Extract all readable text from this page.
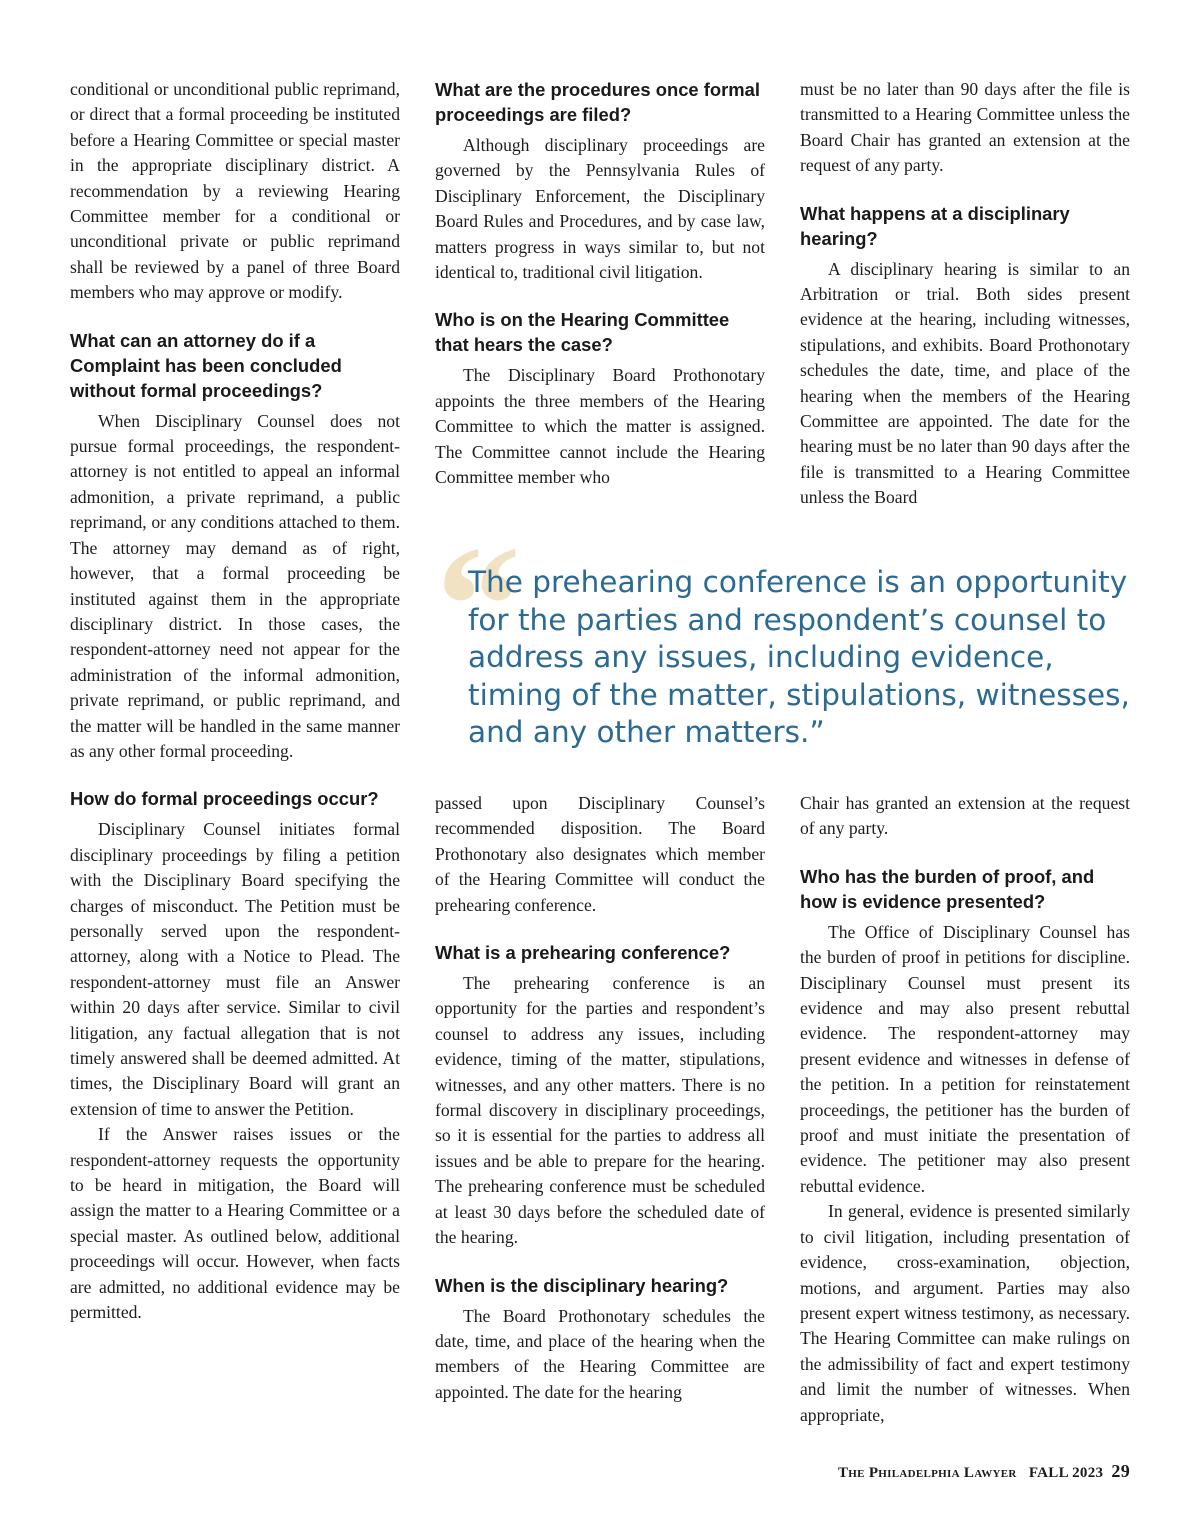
conditional or unconditional public reprimand, or direct that a formal proceeding be instituted before a Hearing Committee or special master in the appropriate disciplinary district. A recommendation by a reviewing Hearing Committee member for a conditional or unconditional private or public reprimand shall be reviewed by a panel of three Board members who may approve or modify.

What can an attorney do if a Complaint has been concluded without formal proceedings?

When Disciplinary Counsel does not pursue formal proceedings, the respondent-attorney is not entitled to appeal an informal admonition, a private reprimand, a public reprimand, or any conditions attached to them. The attorney may demand as of right, however, that a formal proceeding be instituted against them in the appropriate disciplinary district. In those cases, the respondent-attorney need not appear for the administration of the informal admonition, private reprimand, or public reprimand, and the matter will be handled in the same manner as any other formal proceeding.

How do formal proceedings occur?

Disciplinary Counsel initiates formal disciplinary proceedings by filing a petition with the Disciplinary Board specifying the charges of misconduct. The Petition must be personally served upon the respondent-attorney, along with a Notice to Plead. The respondent-attorney must file an Answer within 20 days after service. Similar to civil litigation, any factual allegation that is not timely answered shall be deemed admitted. At times, the Disciplinary Board will grant an extension of time to answer the Petition.

If the Answer raises issues or the respondent-attorney requests the opportunity to be heard in mitigation, the Board will assign the matter to a Hearing Committee or a special master. As outlined below, additional proceedings will occur. However, when facts are admitted, no additional evidence may be permitted.

What are the procedures once formal proceedings are filed?

Although disciplinary proceedings are governed by the Pennsylvania Rules of Disciplinary Enforcement, the Disciplinary Board Rules and Procedures, and by case law, matters progress in ways similar to, but not identical to, traditional civil litigation.

Who is on the Hearing Committee that hears the case?

The Disciplinary Board Prothonotary appoints the three members of the Hearing Committee to which the matter is assigned. The Committee cannot include the Hearing Committee member who

must be no later than 90 days after the file is transmitted to a Hearing Committee unless the Board Chair has granted an extension at the request of any party.

What happens at a disciplinary hearing?

A disciplinary hearing is similar to an Arbitration or trial. Both sides present evidence at the hearing, including witnesses, stipulations, and exhibits. Board Prothonotary schedules the date, time, and place of the hearing when the members of the Hearing Committee are appointed. The date for the hearing must be no later than 90 days after the file is transmitted to a Hearing Committee unless the Board

“
The prehearing conference is an opportunity for the parties and respondent’s counsel to address any issues, including evidence, timing of the matter, stipulations, witnesses, and any other matters.”

passed upon Disciplinary Counsel’s recommended disposition. The Board Prothonotary also designates which member of the Hearing Committee will conduct the prehearing conference.

What is a prehearing conference?

The prehearing conference is an opportunity for the parties and respondent’s counsel to address any issues, including evidence, timing of the matter, stipulations, witnesses, and any other matters. There is no formal discovery in disciplinary proceedings, so it is essential for the parties to address all issues and be able to prepare for the hearing. The prehearing conference must be scheduled at least 30 days before the scheduled date of the hearing.

When is the disciplinary hearing?

The Board Prothonotary schedules the date, time, and place of the hearing when the members of the Hearing Committee are appointed. The date for the hearing

Chair has granted an extension at the request of any party.

Who has the burden of proof, and how is evidence presented?

The Office of Disciplinary Counsel has the burden of proof in petitions for discipline. Disciplinary Counsel must present its evidence and may also present rebuttal evidence. The respondent-attorney may present evidence and witnesses in defense of the petition. In a petition for reinstatement proceedings, the petitioner has the burden of proof and must initiate the presentation of evidence. The petitioner may also present rebuttal evidence.

In general, evidence is presented similarly to civil litigation, including presentation of evidence, cross-examination, objection, motions, and argument. Parties may also present expert witness testimony, as necessary. The Hearing Committee can make rulings on the admissibility of fact and expert testimony and limit the number of witnesses. When appropriate,

The Philadelphia Lawyer FALL 2023 29
